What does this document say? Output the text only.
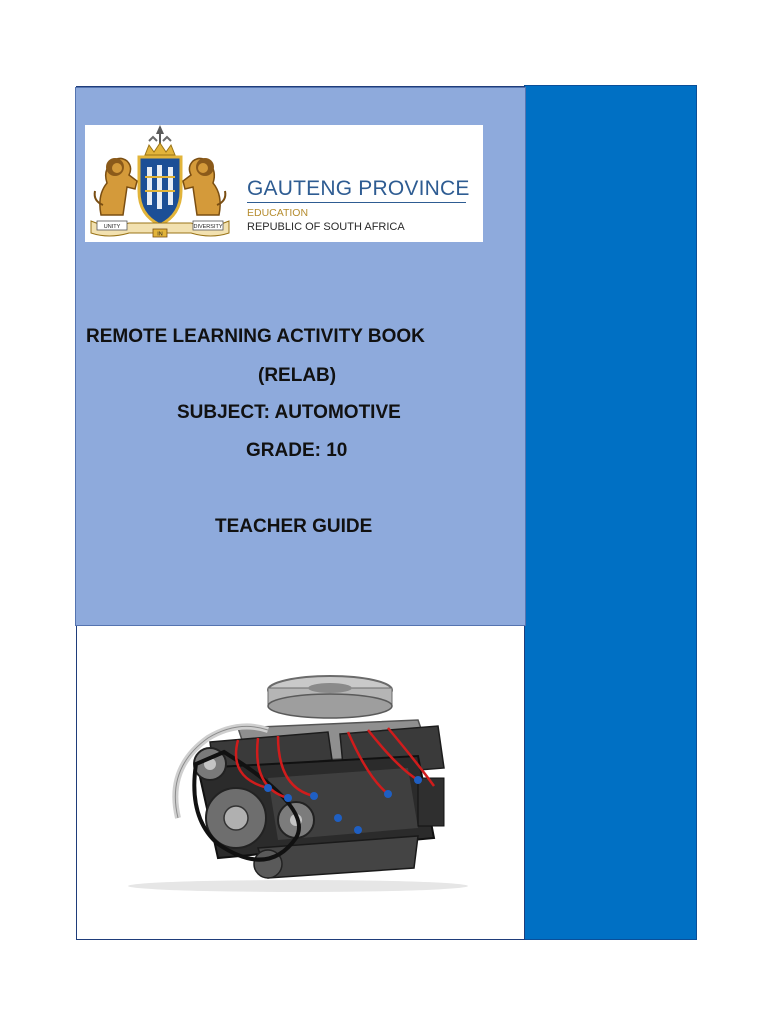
UNITY	DIVERSITY
IN
GAUTENG PROVINCE
EDUCATION
REPUBLIC OF SOUTH AFRICA
REMOTE LEARNING ACTIVITY BOOK
(RELAB)
SUBJECT: AUTOMOTIVE
GRADE: 10
TEACHER GUIDE
